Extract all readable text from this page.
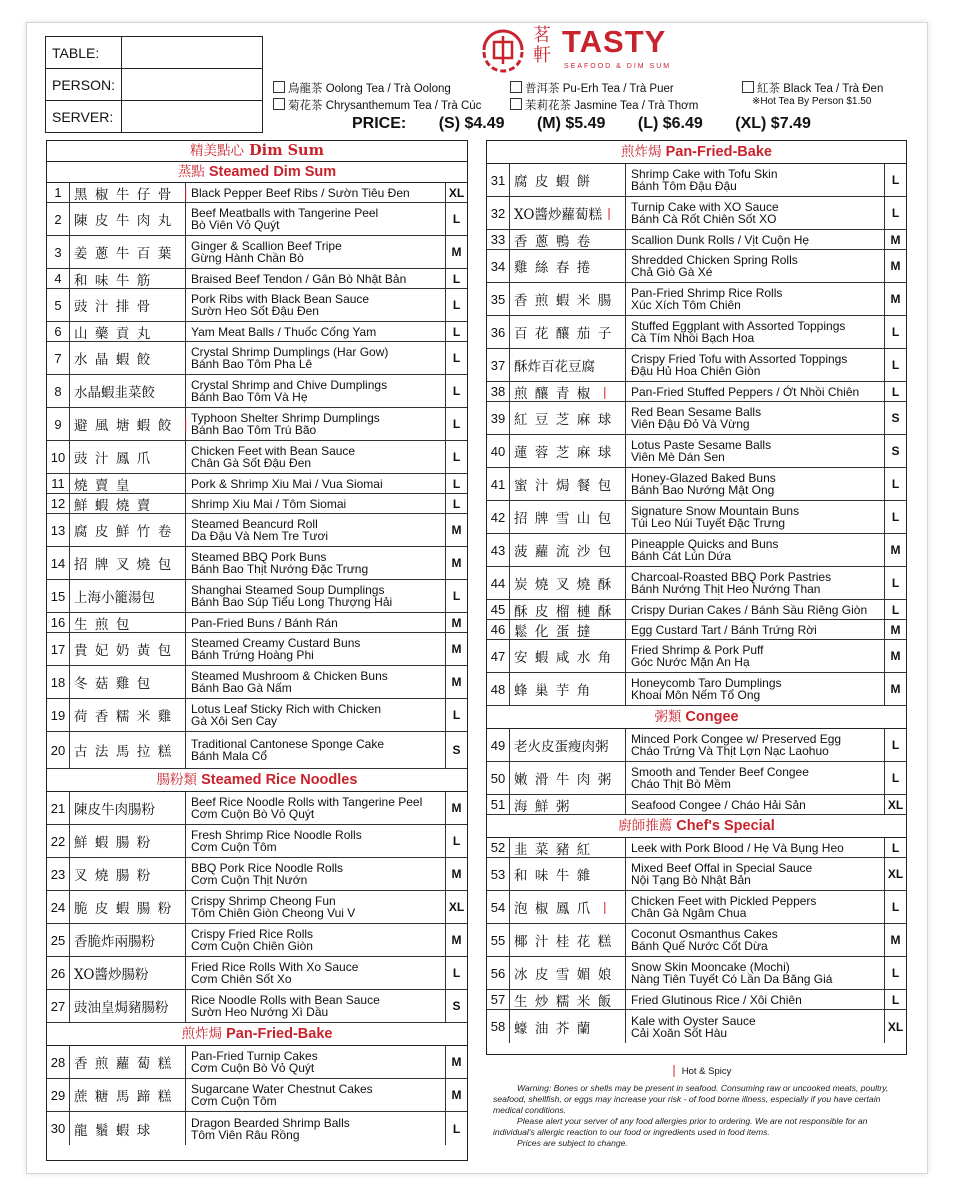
TABLE:	
PERSON:	
SERVER:	
茗軒 TASTY
SEAFOOD & DIM SUM
鳥龍茶 Oolong Tea / Trà Oolong	普洱茶 Pu-Erh Tea / Trà Puer	紅茶 Black Tea / Trà Đen
菊花茶 Chrysanthemum Tea / Trà Cúc	茉莉花茶 Jasmine Tea / Trà Thơm	※Hot Tea By Person $1.50
PRICE: (S) $4.49 (M) $5.49 (L) $6.49 (XL) $7.49
精美點心 Dim Sum
蒸點 Steamed Dim Sum
1 黑椒牛仔骨 ❘ Black Pepper Beef Ribs / Sườn Tiêu Đen	XL
2 陳皮牛肉丸	Beef Meatballs with Tangerine Peel
Bò Viên Vỏ Quýt	L
3 姜蔥牛百葉	Ginger & Scallion Beef Tripe
Gừng Hành Chần Bò	M
4 和味牛筋	Braised Beef Tendon / Gân Bò Nhật Bản	L
5 豉汁排骨	Pork Ribs with Black Bean Sauce
Sườn Heo Sốt Đậu Đen	L
6 山藥貢丸	Yam Meat Balls / Thuốc Cống Yam	L
7 水晶蝦餃	Crystal Shrimp Dumplings (Har Gow)
Bánh Bao Tôm Pha Lê	L
8 水晶蝦韭菜餃	Crystal Shrimp and Chive Dumplings
Bánh Bao Tôm Và Hẹ	L
9 避風塘蝦餃 ❘ Typhoon Shelter Shrimp Dumplings
Bánh Bao Tôm Trú Bão	L
10 豉汁鳳爪	Chicken Feet with Bean Sauce
Chân Gà Sốt Đậu Đen	L
11 燒賣皇	Pork & Shrimp Xiu Mai / Vua Siomai	L
12 鮮蝦燒賣	Shrimp Xiu Mai / Tôm Siomai	L
13 腐皮鮮竹卷	Steamed Beancurd Roll
Da Đậu Và Nem Tre Tươi	M
14 招牌叉燒包	Steamed BBQ Pork Buns
Bánh Bao Thịt Nướng Đặc Trưng	M
15 上海小籠湯包	Shanghai Steamed Soup Dumplings
Bánh Bao Súp Tiểu Long Thượng Hải	L
16 生煎包	Pan-Fried Buns / Bánh Rán	M
17 貴妃奶黃包	Steamed Creamy Custard Buns
Bánh Trứng Hoàng Phi	M
18 冬菇雞包	Steamed Mushroom & Chicken Buns
Bánh Bao Gà Nấm	M
19 荷香糯米雞	Lotus Leaf Sticky Rich with Chicken
Gà Xôi Sen Cay	L
20 古法馬拉糕	Traditional Cantonese Sponge Cake
Bánh Mala Cổ	S
腸粉類 Steamed Rice Noodles
21 陳皮牛肉腸粉	Beef Rice Noodle Rolls with Tangerine Peel
Cơm Cuộn Bò Vỏ Quýt	M
22 鮮蝦腸粉	Fresh Shrimp Rice Noodle Rolls
Cơm Cuộn Tôm	L
23 叉燒腸粉	BBQ Pork Rice Noodle Rolls
Cơm Cuộn Thịt Nướn	M
24 脆皮蝦腸粉	Crispy Shrimp Cheong Fun
Tôm Chiên Giòn Cheong Vui V	XL
25 香脆炸兩腸粉	Crispy Fried Rice Rolls
Cơm Cuộn Chiên Giòn	M
26 XO醬炒腸粉	Fried Rice Rolls With Xo Sauce
Cơm Chiên Sốt Xo	L
27 豉油皇焗豬腸粉	Rice Noodle Rolls with Bean Sauce
Sườn Heo Nướng Xì Dầu	S
煎炸焗 Pan-Fried-Bake
28 香煎蘿蔔糕	Pan-Fried Turnip Cakes
Cơm Cuộn Bò Vỏ Quýt	M
29 蔗糖馬蹄糕	Sugarcane Water Chestnut Cakes
Cơm Cuộn Tôm	M
30 龍鬚蝦球	Dragon Bearded Shrimp Balls
Tôm Viên Râu Rồng	L
煎炸焗 Pan-Fried-Bake
31 腐皮蝦餅	Shrimp Cake with Tofu Skin
Bánh Tôm Đậu Đậu	L
32 XO醬炒蘿蔔糕 ❘	Turnip Cake with XO Sauce
Bánh Cà Rốt Chiên Sốt XO	L
33 香蔥鴨卷	Scallion Dunk Rolls / Vịt Cuộn Hẹ	M
34 雞絲春捲	Shredded Chicken Spring Rolls
Chả Giò Gà Xé	M
35 香煎蝦米腸	Pan-Fried Shrimp Rice Rolls
Xúc Xích Tôm Chiên	M
36 百花釀茄子	Stuffed Eggplant with Assorted Toppings
Cà Tím Nhồi Bạch Hoa	L
37 酥炸百花豆腐	Crispy Fried Tofu with Assorted Toppings
Đậu Hủ Hoa Chiên Giòn	L
38 煎釀青椒 ❘	Pan-Fried Stuffed Peppers / Ớt Nhồi Chiên	L
39 紅豆芝麻球	Red Bean Sesame Balls
Viên Đậu Đỏ Và Vừng	S
40 蓮蓉芝麻球	Lotus Paste Sesame Balls
Viên Mè Dán Sen	S
41 蜜汁焗餐包	Honey-Glazed Baked Buns
Bánh Bao Nướng Mật Ong	L
42 招牌雪山包	Signature Snow Mountain Buns
Túi Leo Núi Tuyết Đặc Trưng	L
43 菠蘿流沙包	Pineapple Quicks and Buns
Bánh Cát Lún Dứa	M
44 炭燒叉燒酥	Charcoal-Roasted BBQ Pork Pastries
Bánh Nướng Thịt Heo Nướng Than	L
45 酥皮榴槤酥	Crispy Durian Cakes / Bánh Sầu Riêng Giòn	L
46 鬆化蛋撻	Egg Custard Tart / Bánh Trứng Rời	M
47 安蝦咸水角	Fried Shrimp & Pork Puff
Góc Nước Mặn An Hạ	M
48 蜂巢芋角	Honeycomb Taro Dumplings
Khoai Môn Nếm Tổ Ong	M
粥類 Congee
49 老火皮蛋瘦肉粥	Minced Pork Congee w/ Preserved Egg
Cháo Trứng Và Thịt Lợn Nạc Laohuo	L
50 嫩滑牛肉粥	Smooth and Tender Beef Congee
Cháo Thịt Bò Mềm	L
51 海鮮粥	Seafood Congee / Cháo Hải Sản	XL
廚師推薦 Chef's Special
52 韭菜豬紅	Leek with Pork Blood / Hẹ Và Bụng Heo	L
53 和味牛雜	Mixed Beef Offal in Special Sauce
Nội Tạng Bò Nhật Bản	XL
54 泡椒鳳爪 ❘	Chicken Feet with Pickled Peppers
Chân Gà Ngâm Chua	L
55 椰汁桂花糕	Coconut Osmanthus Cakes
Bánh Quế Nước Cốt Dừa	M
56 冰皮雪媚娘	Snow Skin Mooncake (Mochi)
Nàng Tiên Tuyết Có Lần Da Băng Giá	L
57 生炒糯米飯	Fried Glutinous Rice / Xôi Chiên	L
58 蠔油芥蘭	Kale with Oyster Sauce
Cải Xoăn Sốt Hàu	XL
❘ Hot & Spicy

Warning: Bones or shells may be present in seafood. Consuming raw or uncooked meats, poultry, seafood, shellfish, or eggs may increase your risk - of food borne illness, especially if you have certain medical conditions.

Please alert your server of any food allergies prior to ordering. We are not responsible for an individual's allergic reaction to our food or ingredients used in food items.

Prices are subject to change.
